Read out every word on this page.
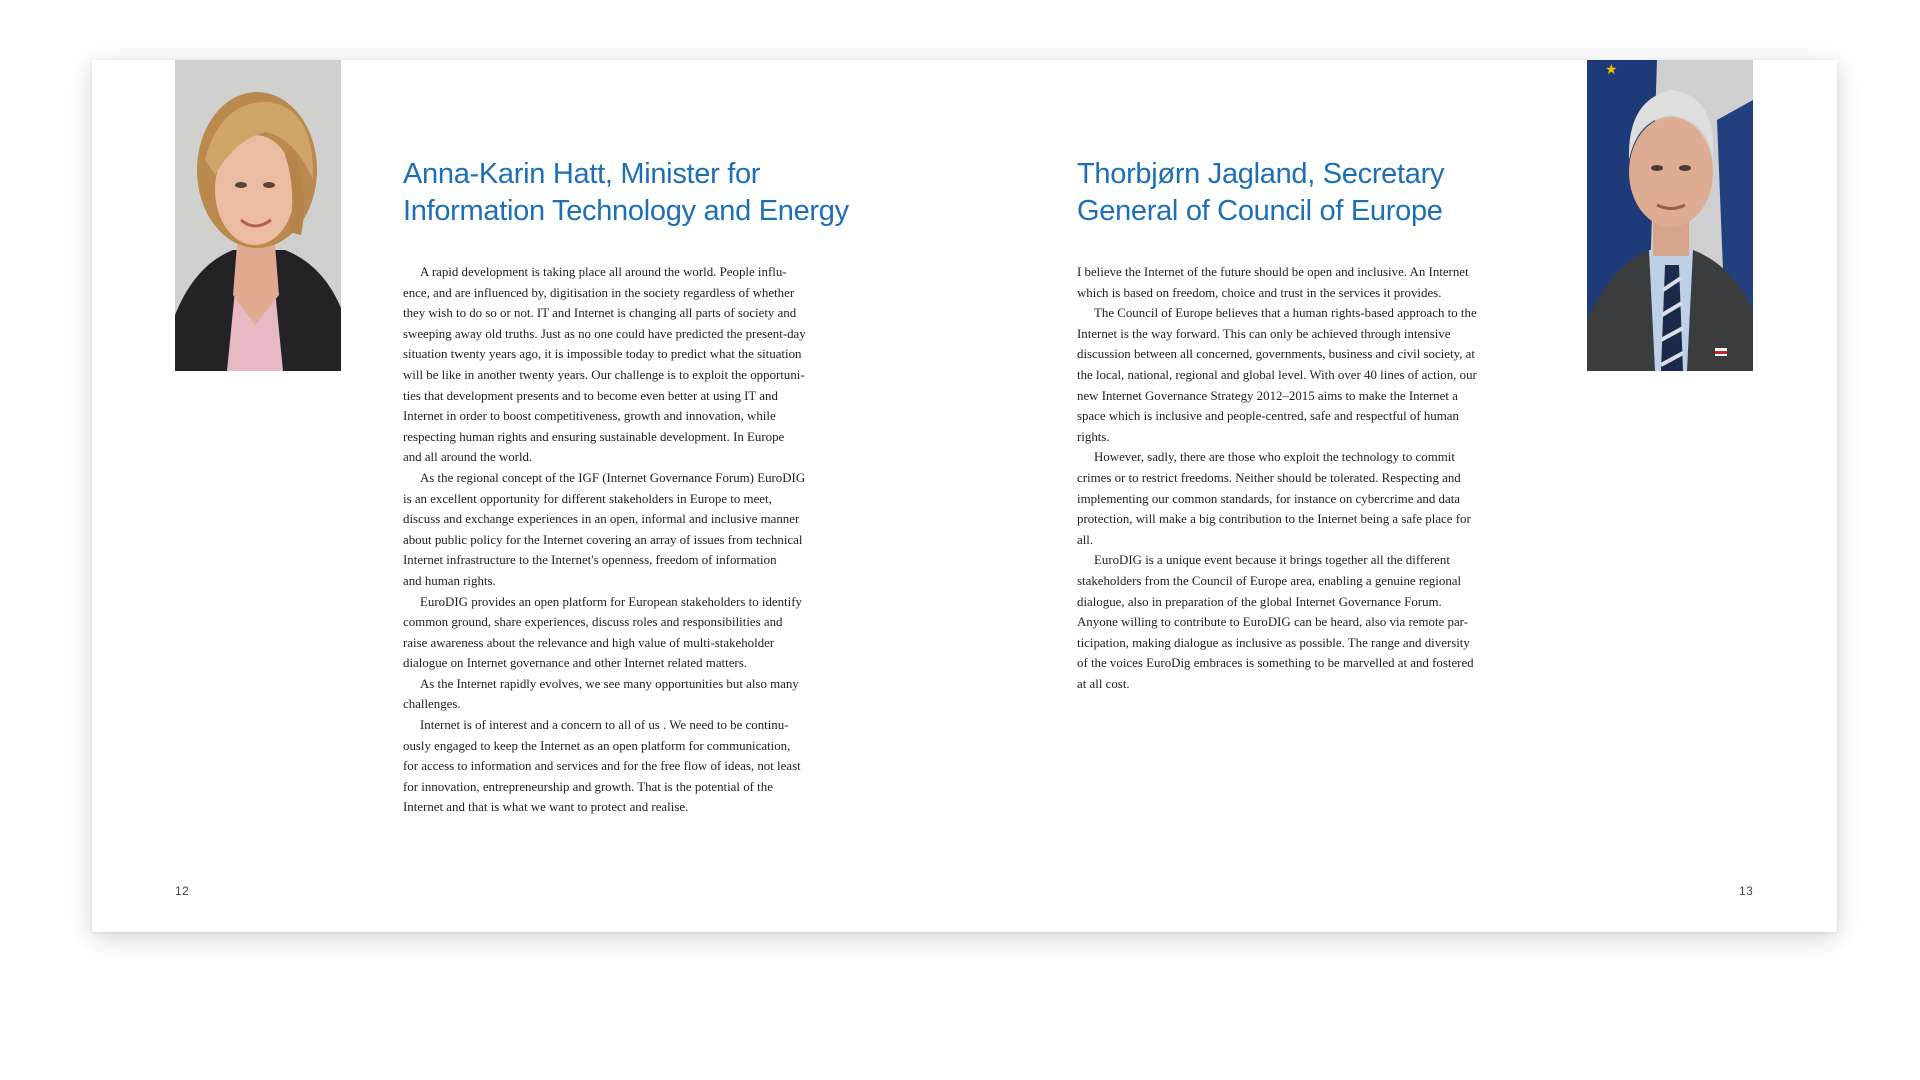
★
Anna-Karin Hatt, Minister for
Information Technology and Energy
Thorbjørn Jagland, Secretary
General of Council of Europe
A rapid development is taking place all around the world. People influ-
ence, and are influenced by, digitisation in the society regardless of whether
they wish to do so or not. IT and Internet is changing all parts of society and
sweeping away old truths. Just as no one could have predicted the present-day
situation twenty years ago, it is impossible today to predict what the situation
will be like in another twenty years. Our challenge is to exploit the opportuni-
ties that development presents and to become even better at using IT and
Internet in order to boost competitiveness, growth and innovation, while
respecting human rights and ensuring sustainable development. In Europe
and all around the world.
As the regional concept of the IGF (Internet Governance Forum) EuroDIG
is an excellent opportunity for different stakeholders in Europe to meet,
discuss and exchange experiences in an open, informal and inclusive manner
about public policy for the Internet covering an array of issues from technical
Internet infrastructure to the Internet's openness, freedom of information
and human rights.
EuroDIG provides an open platform for European stakeholders to identify
common ground, share experiences, discuss roles and responsibilities and
raise awareness about the relevance and high value of multi-stakeholder
dialogue on Internet governance and other Internet related matters.
As the Internet rapidly evolves, we see many opportunities but also many
challenges.
Internet is of interest and a concern to all of us . We need to be continu-
ously engaged to keep the Internet as an open platform for communication,
for access to information and services and for the free flow of ideas, not least
for innovation, entrepreneurship and growth. That is the potential of the
Internet and that is what we want to protect and realise.
I believe the Internet of the future should be open and inclusive. An Internet
which is based on freedom, choice and trust in the services it provides.
The Council of Europe believes that a human rights-based approach to the
Internet is the way forward. This can only be achieved through intensive
discussion between all concerned, governments, business and civil society, at
the local, national, regional and global level. With over 40 lines of action, our
new Internet Governance Strategy 2012–2015 aims to make the Internet a
space which is inclusive and people-centred, safe and respectful of human
rights.
However, sadly, there are those who exploit the technology to commit
crimes or to restrict freedoms. Neither should be tolerated. Respecting and
implementing our common standards, for instance on cybercrime and data
protection, will make a big contribution to the Internet being a safe place for
all.
EuroDIG is a unique event because it brings together all the different
stakeholders from the Council of Europe area, enabling a genuine regional
dialogue, also in preparation of the global Internet Governance Forum.
Anyone willing to contribute to EuroDIG can be heard, also via remote par-
ticipation, making dialogue as inclusive as possible. The range and diversity
of the voices EuroDig embraces is something to be marvelled at and fostered
at all cost.
12	13
